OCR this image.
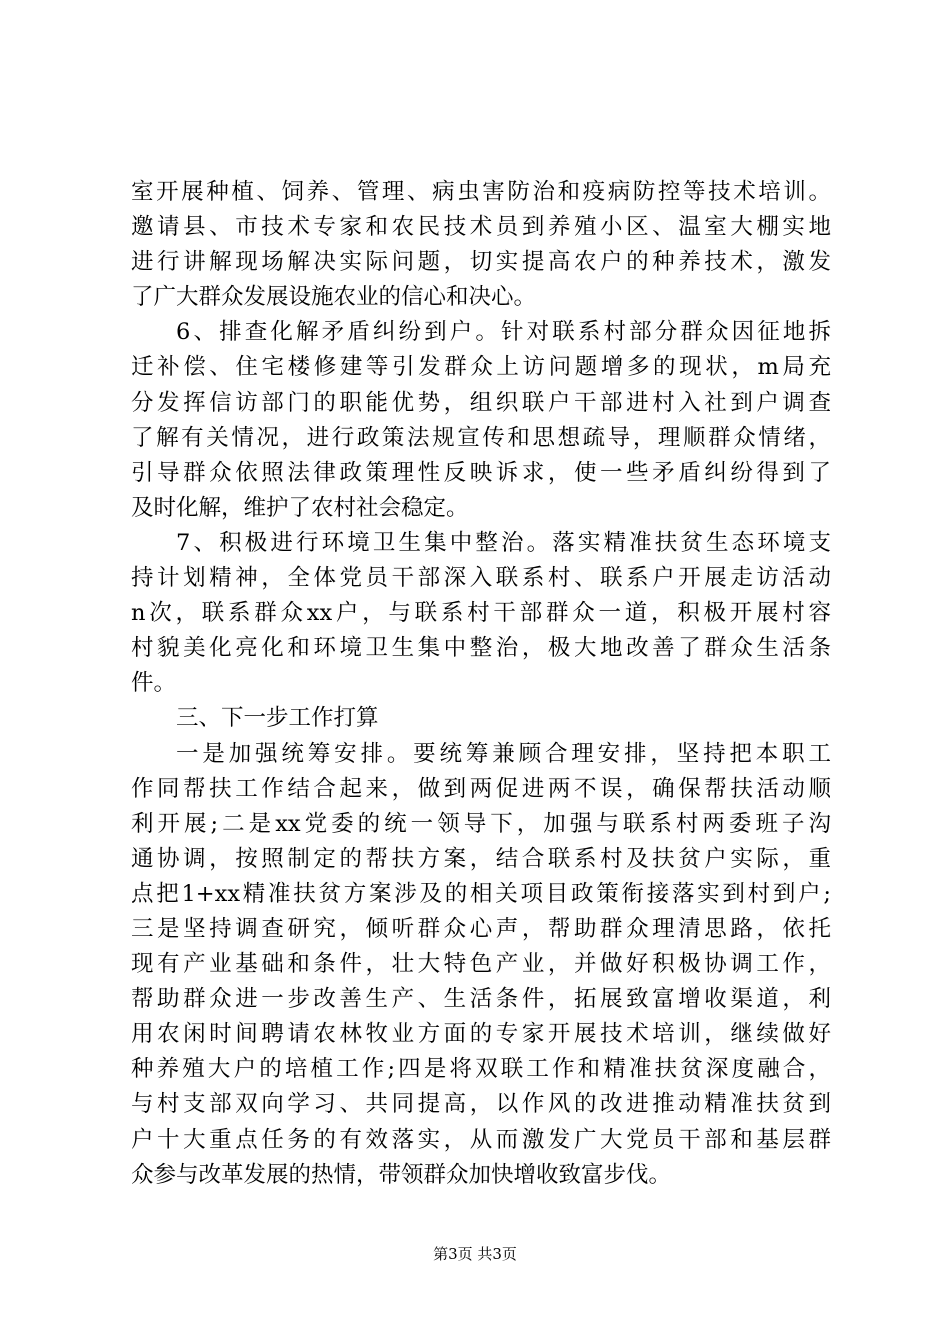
室开展种植、饲养、管理、病虫害防治和疫病防控等技术培训。
邀请县、市技术专家和农民技术员到养殖小区、温室大棚实地
进行讲解现场解决实际问题，切实提高农户的种养技术，激发
了广大群众发展设施农业的信心和决心。
6、排查化解矛盾纠纷到户。针对联系村部分群众因征地拆
迁补偿、住宅楼修建等引发群众上访问题增多的现状，m局充
分发挥信访部门的职能优势，组织联户干部进村入社到户调查
了解有关情况，进行政策法规宣传和思想疏导，理顺群众情绪，
引导群众依照法律政策理性反映诉求，使一些矛盾纠纷得到了
及时化解，维护了农村社会稳定。
7、积极进行环境卫生集中整治。落实精准扶贫生态环境支
持计划精神，全体党员干部深入联系村、联系户开展走访活动
n次，联系群众xx户，与联系村干部群众一道，积极开展村容
村貌美化亮化和环境卫生集中整治，极大地改善了群众生活条
件。
三、下一步工作打算
一是加强统筹安排。要统筹兼顾合理安排，坚持把本职工
作同帮扶工作结合起来，做到两促进两不误，确保帮扶活动顺
利开展;二是xx党委的统一领导下，加强与联系村两委班子沟
通协调，按照制定的帮扶方案，结合联系村及扶贫户实际，重
点把1+xx精准扶贫方案涉及的相关项目政策衔接落实到村到户;
三是坚持调查研究，倾听群众心声，帮助群众理清思路，依托
现有产业基础和条件，壮大特色产业，并做好积极协调工作，
帮助群众进一步改善生产、生活条件，拓展致富增收渠道，利
用农闲时间聘请农林牧业方面的专家开展技术培训，继续做好
种养殖大户的培植工作;四是将双联工作和精准扶贫深度融合，
与村支部双向学习、共同提高，以作风的改进推动精准扶贫到
户十大重点任务的有效落实，从而激发广大党员干部和基层群
众参与改革发展的热情，带领群众加快增收致富步伐。
第3页 共3页
